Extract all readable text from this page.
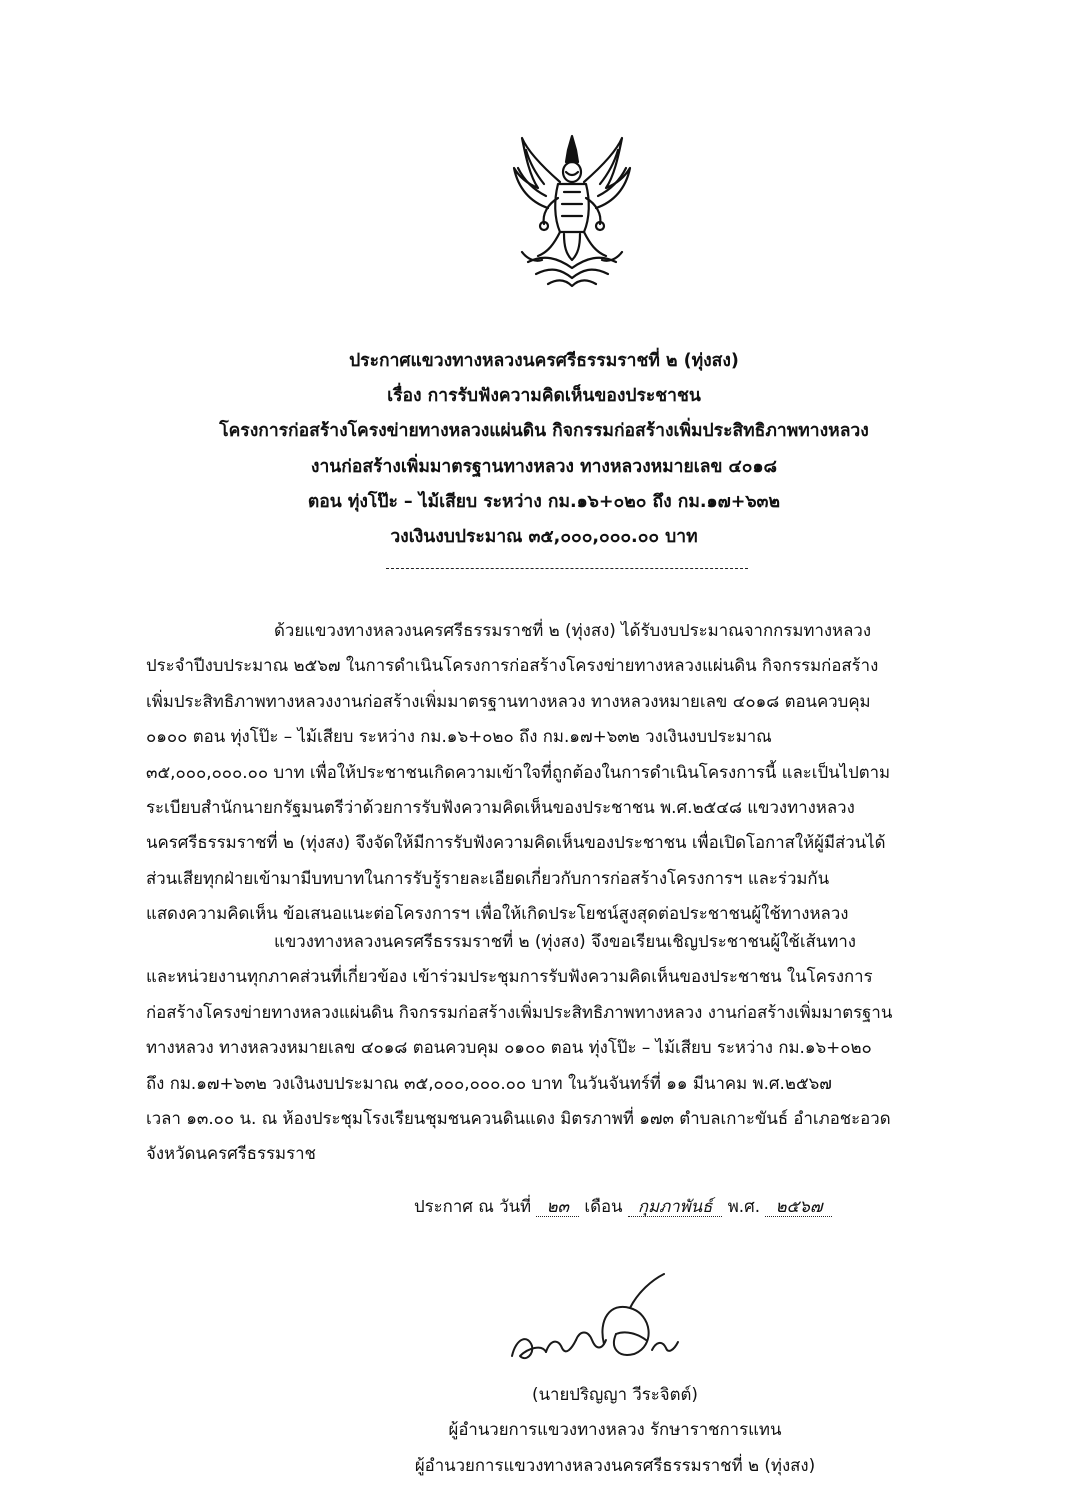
ประกาศแขวงทางหลวงนครศรีธรรมราชที่ ๒ (ทุ่งสง)
เรื่อง การรับฟังความคิดเห็นของประชาชน
โครงการก่อสร้างโครงข่ายทางหลวงแผ่นดิน กิจกรรมก่อสร้างเพิ่มประสิทธิภาพทางหลวง
งานก่อสร้างเพิ่มมาตรฐานทางหลวง ทางหลวงหมายเลข ๔๐๑๘
ตอน ทุ่งโป๊ะ – ไม้เสียบ ระหว่าง กม.๑๖+๐๒๐ ถึง กม.๑๗+๖๓๒
วงเงินงบประมาณ ๓๕,๐๐๐,๐๐๐.๐๐ บาท
ด้วยแขวงทางหลวงนครศรีธรรมราชที่ ๒ (ทุ่งสง) ได้รับงบประมาณจากกรมทางหลวง
ประจำปีงบประมาณ ๒๕๖๗ ในการดำเนินโครงการก่อสร้างโครงข่ายทางหลวงแผ่นดิน กิจกรรมก่อสร้าง
เพิ่มประสิทธิภาพทางหลวงงานก่อสร้างเพิ่มมาตรฐานทางหลวง ทางหลวงหมายเลข ๔๐๑๘ ตอนควบคุม
๐๑๐๐ ตอน ทุ่งโป๊ะ – ไม้เสียบ ระหว่าง กม.๑๖+๐๒๐ ถึง กม.๑๗+๖๓๒ วงเงินงบประมาณ
๓๕,๐๐๐,๐๐๐.๐๐ บาท เพื่อให้ประชาชนเกิดความเข้าใจที่ถูกต้องในการดำเนินโครงการนี้ และเป็นไปตาม
ระเบียบสำนักนายกรัฐมนตรีว่าด้วยการรับฟังความคิดเห็นของประชาชน พ.ศ.๒๕๔๘ แขวงทางหลวง
นครศรีธรรมราชที่ ๒ (ทุ่งสง) จึงจัดให้มีการรับฟังความคิดเห็นของประชาชน เพื่อเปิดโอกาสให้ผู้มีส่วนได้
ส่วนเสียทุกฝ่ายเข้ามามีบทบาทในการรับรู้รายละเอียดเกี่ยวกับการก่อสร้างโครงการฯ และร่วมกัน
แสดงความคิดเห็น ข้อเสนอแนะต่อโครงการฯ เพื่อให้เกิดประโยชน์สูงสุดต่อประชาชนผู้ใช้ทางหลวง
แขวงทางหลวงนครศรีธรรมราชที่ ๒ (ทุ่งสง) จึงขอเรียนเชิญประชาชนผู้ใช้เส้นทาง
และหน่วยงานทุกภาคส่วนที่เกี่ยวข้อง เข้าร่วมประชุมการรับฟังความคิดเห็นของประชาชน ในโครงการ
ก่อสร้างโครงข่ายทางหลวงแผ่นดิน กิจกรรมก่อสร้างเพิ่มประสิทธิภาพทางหลวง งานก่อสร้างเพิ่มมาตรฐาน
ทางหลวง ทางหลวงหมายเลข ๔๐๑๘ ตอนควบคุม ๐๑๐๐ ตอน ทุ่งโป๊ะ – ไม้เสียบ ระหว่าง กม.๑๖+๐๒๐
ถึง กม.๑๗+๖๓๒ วงเงินงบประมาณ ๓๕,๐๐๐,๐๐๐.๐๐ บาท ในวันจันทร์ที่ ๑๑ มีนาคม พ.ศ.๒๕๖๗
เวลา ๑๓.๐๐ น. ณ ห้องประชุมโรงเรียนชุมชนควนดินแดง มิตรภาพที่ ๑๗๓ ตำบลเกาะขันธ์ อำเภอชะอวด
จังหวัดนครศรีธรรมราช
ประกาศ ณ วันที่ ๒๓ เดือน กุมภาพันธ์ พ.ศ. ๒๕๖๗
(นายปริญญา วีระจิตต์)
ผู้อำนวยการแขวงทางหลวง รักษาราชการแทน
ผู้อำนวยการแขวงทางหลวงนครศรีธรรมราชที่ ๒ (ทุ่งสง)
